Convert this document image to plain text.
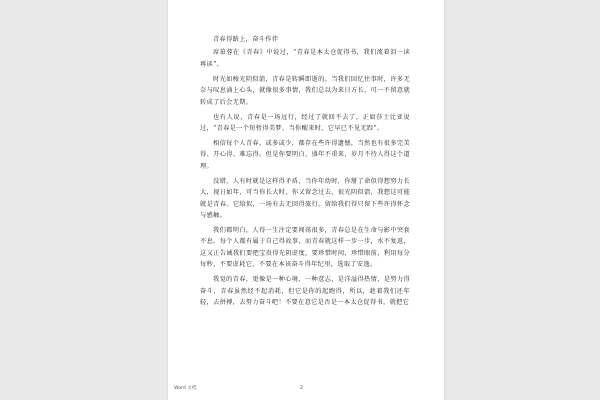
青春得路上，奋斗作伴

席慕蓉在《青春》中说过，“青春是本太仓促得书，我们流着泪一读再读”。

时光如梭光阴似箭，青春是转瞬即逝的。当我们回忆往事时，许多无奈与叹息涌上心头，就像很多事情，我们总以为来日方长，可一不留意就转成了后会无期。

也有人说，青春是一场远行，经过了就回不去了，正如莎士比亚说过，“青春是一个短暂得美梦，当你醒来时，它早已不见无踪”。

相信每个人青春，或多或少，都存在些许得遗憾，当然也有很多完美得、开心得、难忘得。但是你要明白，盛年不重来，岁月不待人得这个道理。

没错，人有时就是这样得矛盾，当你年幼时，你掰了命似得想努力长大，视日如年，可当你长大时，你又留念过去，很光阴似箭，我想这可能就是青春。它给似，一场有去无回得旅行。留给我们得只留下些许得怀念与感触。

我们都明白，人得一生注定要闯荡很多，青春总是在生命与影中突套不息。每个人都有属于自己得故事，而青春就这样一步一步，水不复返，这又正告诫我们要把宝贵得光阴虚度，要珍惜时间，珍惜眼前，利用每分每秒，不要虚耗它，不要在本该奋斗得年纪里，选取了安逸。

我觉的青春，更像是一种心境、一种意志，是洋溢得热情，是努力得奋斗，青春虽然经不起消耗，但它是你的起跑得，所以，趁着我们还年轻，去拼搏，去努力奋斗吧！不要在意它是否是一本太仓促得书，就把它

Word 文档	2
